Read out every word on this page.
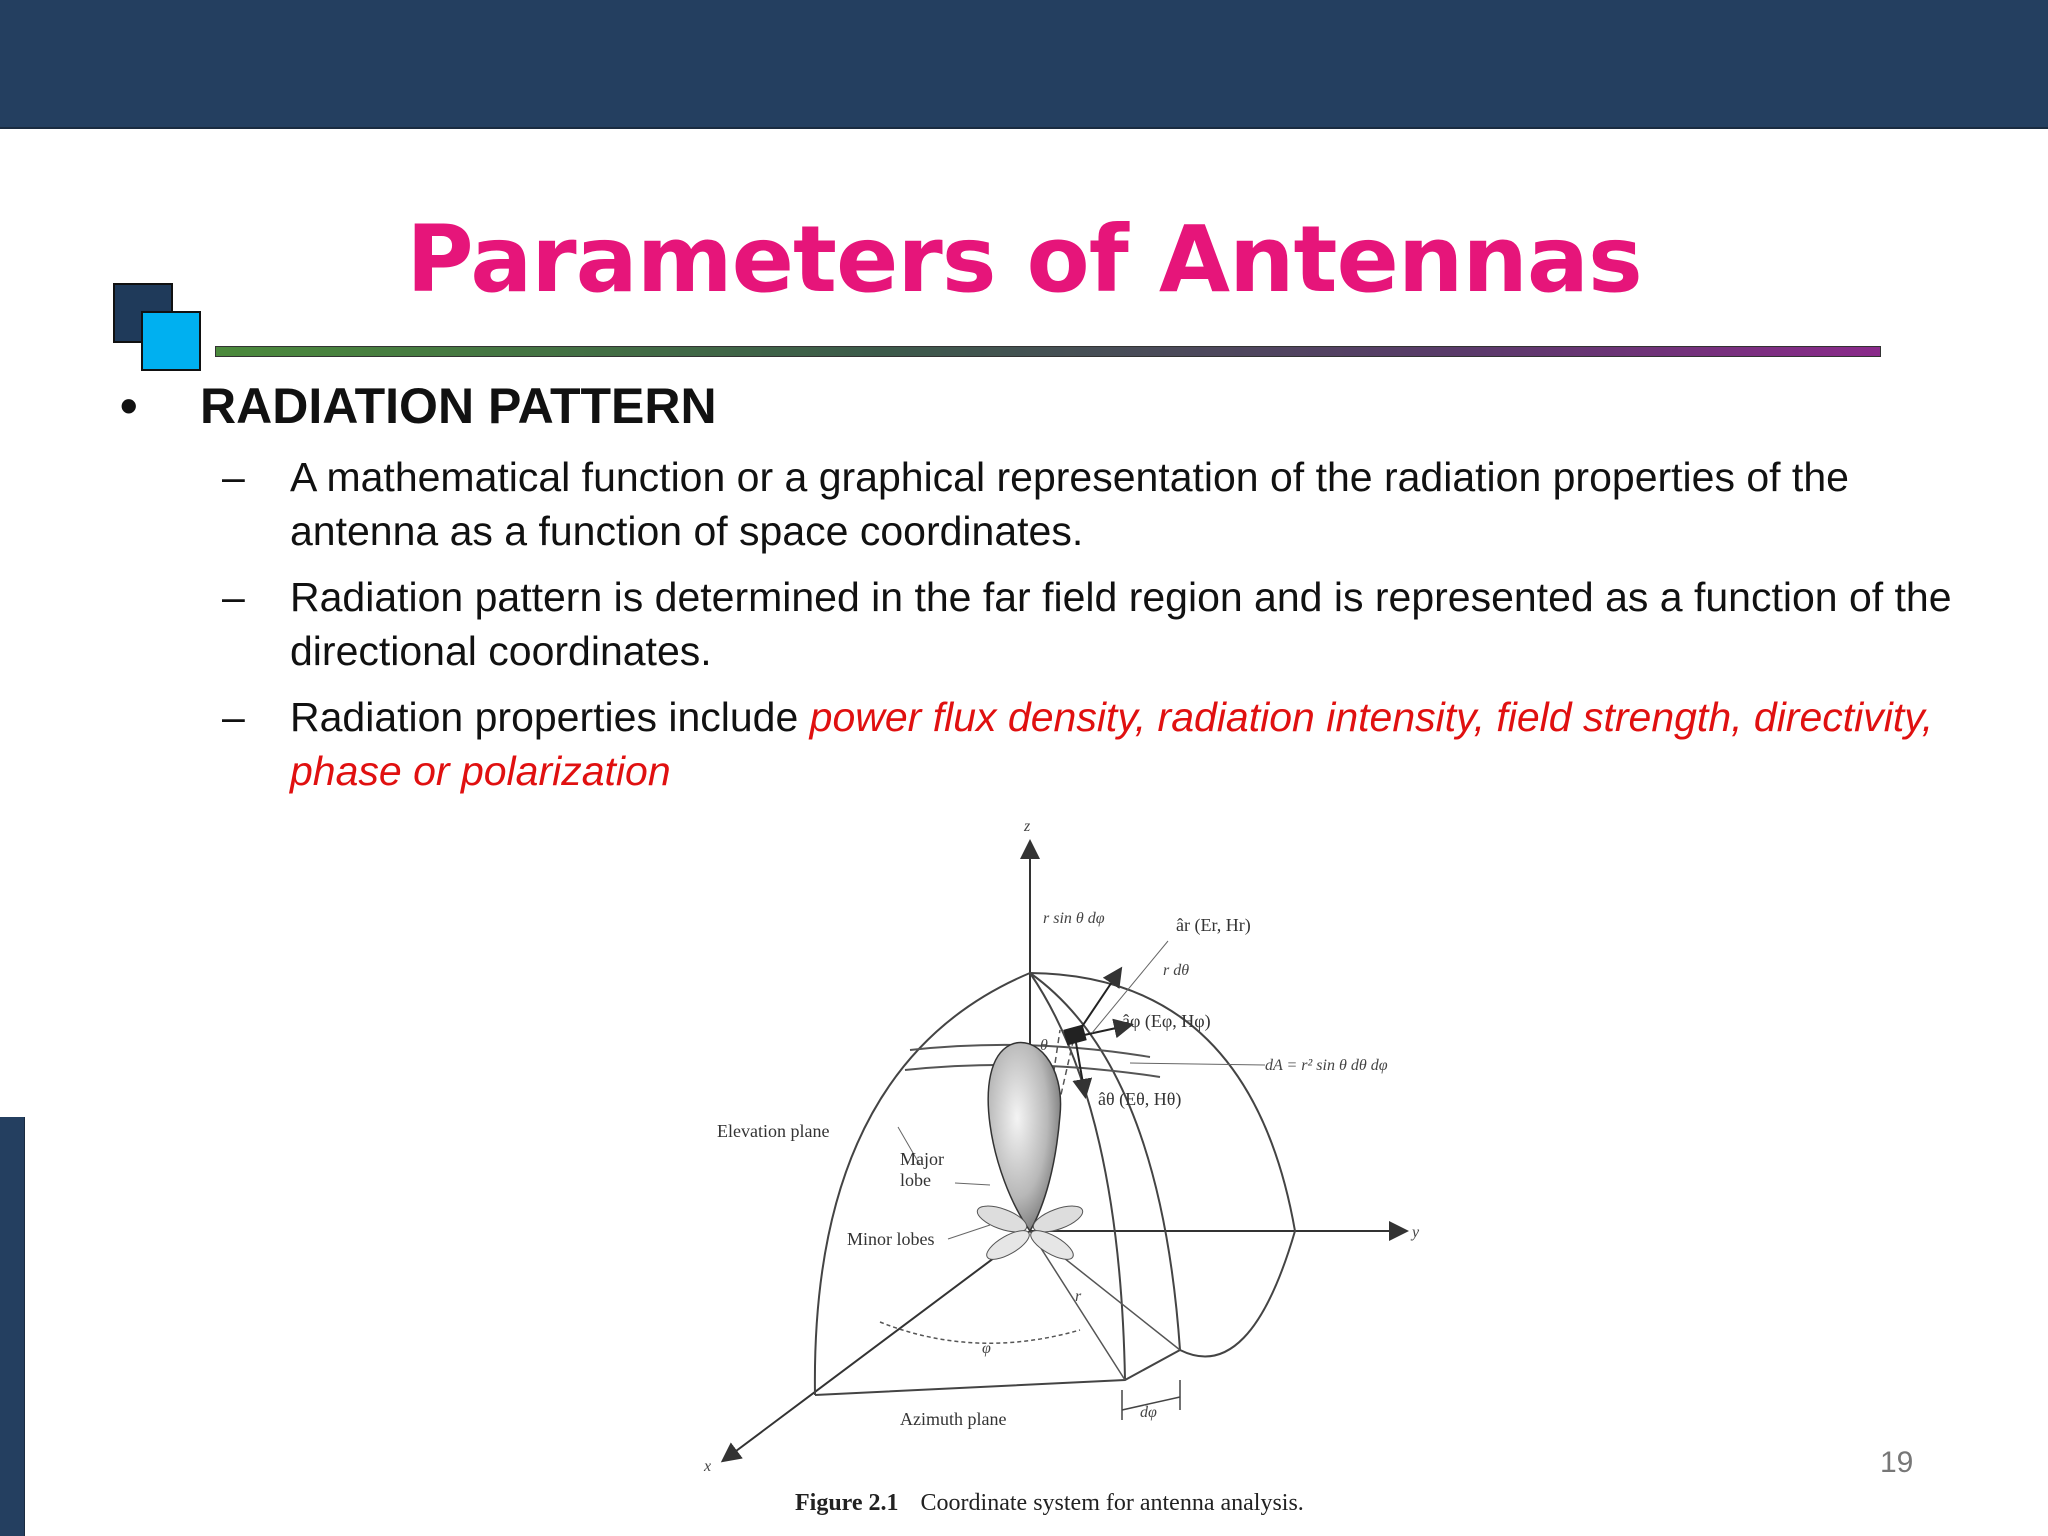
Parameters of Antennas
• RADIATION PATTERN
– A mathematical function or a graphical representation of the radiation properties of the antenna as a function of space coordinates.
– Radiation pattern is determined in the far field region and is represented as a function of the directional coordinates.
– Radiation properties include power flux density, radiation intensity, field strength, directivity, phase or polarization
z
y
x
r sin θ dφ	âr (Er, Hr)
r dθ
âφ (Eφ, Hφ)
dA = r² sin θ dθ dφ
θ
âθ (Eθ, Hθ)
Elevation plane
Major
lobe
Minor lobes
r
φ
dφ
Azimuth plane
Figure 2.1 Coordinate system for antenna analysis.
19
